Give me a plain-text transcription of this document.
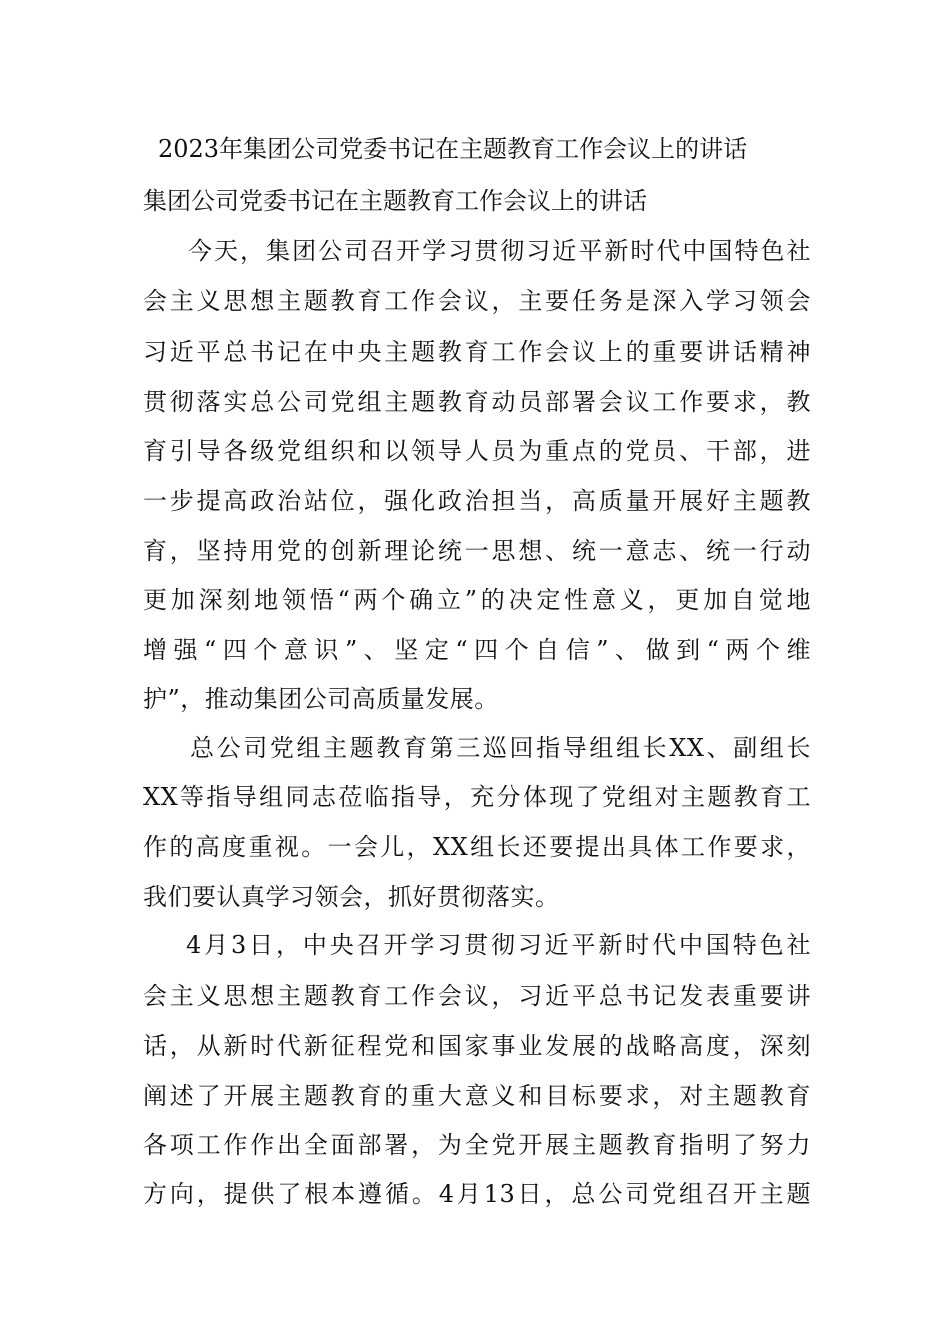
2023年集团公司党委书记在主题教育工作会议上的讲话
集团公司党委书记在主题教育工作会议上的讲话
今天，集团公司召开学习贯彻习近平新时代中国特色社
会主义思想主题教育工作会议，主要任务是深入学习领会
习近平总书记在中央主题教育工作会议上的重要讲话精神
贯彻落实总公司党组主题教育动员部署会议工作要求，教
育引导各级党组织和以领导人员为重点的党员、干部，进
一步提高政治站位，强化政治担当，高质量开展好主题教
育，坚持用党的创新理论统一思想、统一意志、统一行动
更加深刻地领悟“两个确立”的决定性意义，更加自觉地
增强“四个意识”、坚定“四个自信”、做到“两个维
护”，推动集团公司高质量发展。
总公司党组主题教育第三巡回指导组组长XX、副组长
XX等指导组同志莅临指导，充分体现了党组对主题教育工
作的高度重视。一会儿，XX组长还要提出具体工作要求，
我们要认真学习领会，抓好贯彻落实。
4月3日，中央召开学习贯彻习近平新时代中国特色社
会主义思想主题教育工作会议，习近平总书记发表重要讲
话，从新时代新征程党和国家事业发展的战略高度，深刻
阐述了开展主题教育的重大意义和目标要求，对主题教育
各项工作作出全面部署，为全党开展主题教育指明了努力
方向，提供了根本遵循。4月13日，总公司党组召开主题
